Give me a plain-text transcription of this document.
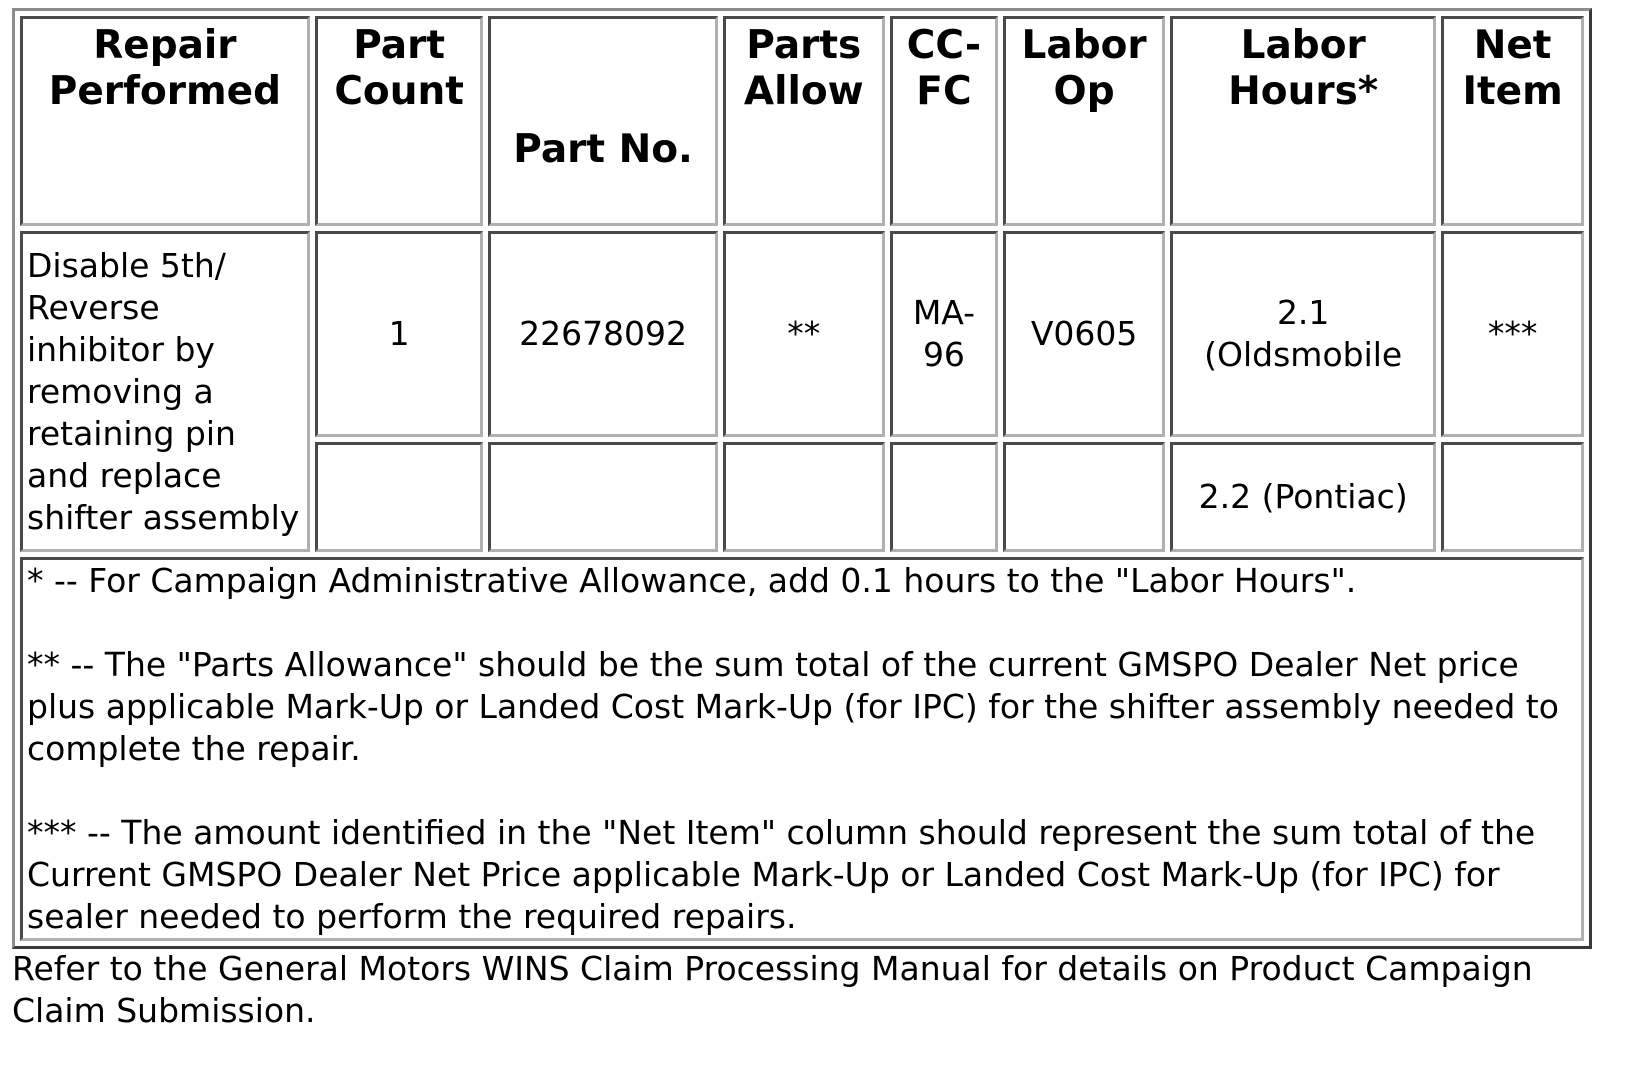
Repair Performed	Part Count	Part No.	Parts Allow	CC-FC	Labor Op	Labor Hours*	Net Item
Disable 5th/ Reverse inhibitor by removing a retaining pin and replace shifter assembly	1	22678092	**	MA-96	V0605	2.1 (Oldsmobile	***
						2.2 (Pontiac)	

* -- For Campaign Administrative Allowance, add 0.1 hours to the "Labor Hours".

** -- The "Parts Allowance" should be the sum total of the current GMSPO Dealer Net price plus applicable Mark-Up or Landed Cost Mark-Up (for IPC) for the shifter assembly needed to complete the repair.

*** -- The amount identified in the "Net Item" column should represent the sum total of the Current GMSPO Dealer Net Price applicable Mark-Up or Landed Cost Mark-Up (for IPC) for sealer needed to perform the required repairs.							

Refer to the General Motors WINS Claim Processing Manual for details on Product Campaign Claim Submission.
